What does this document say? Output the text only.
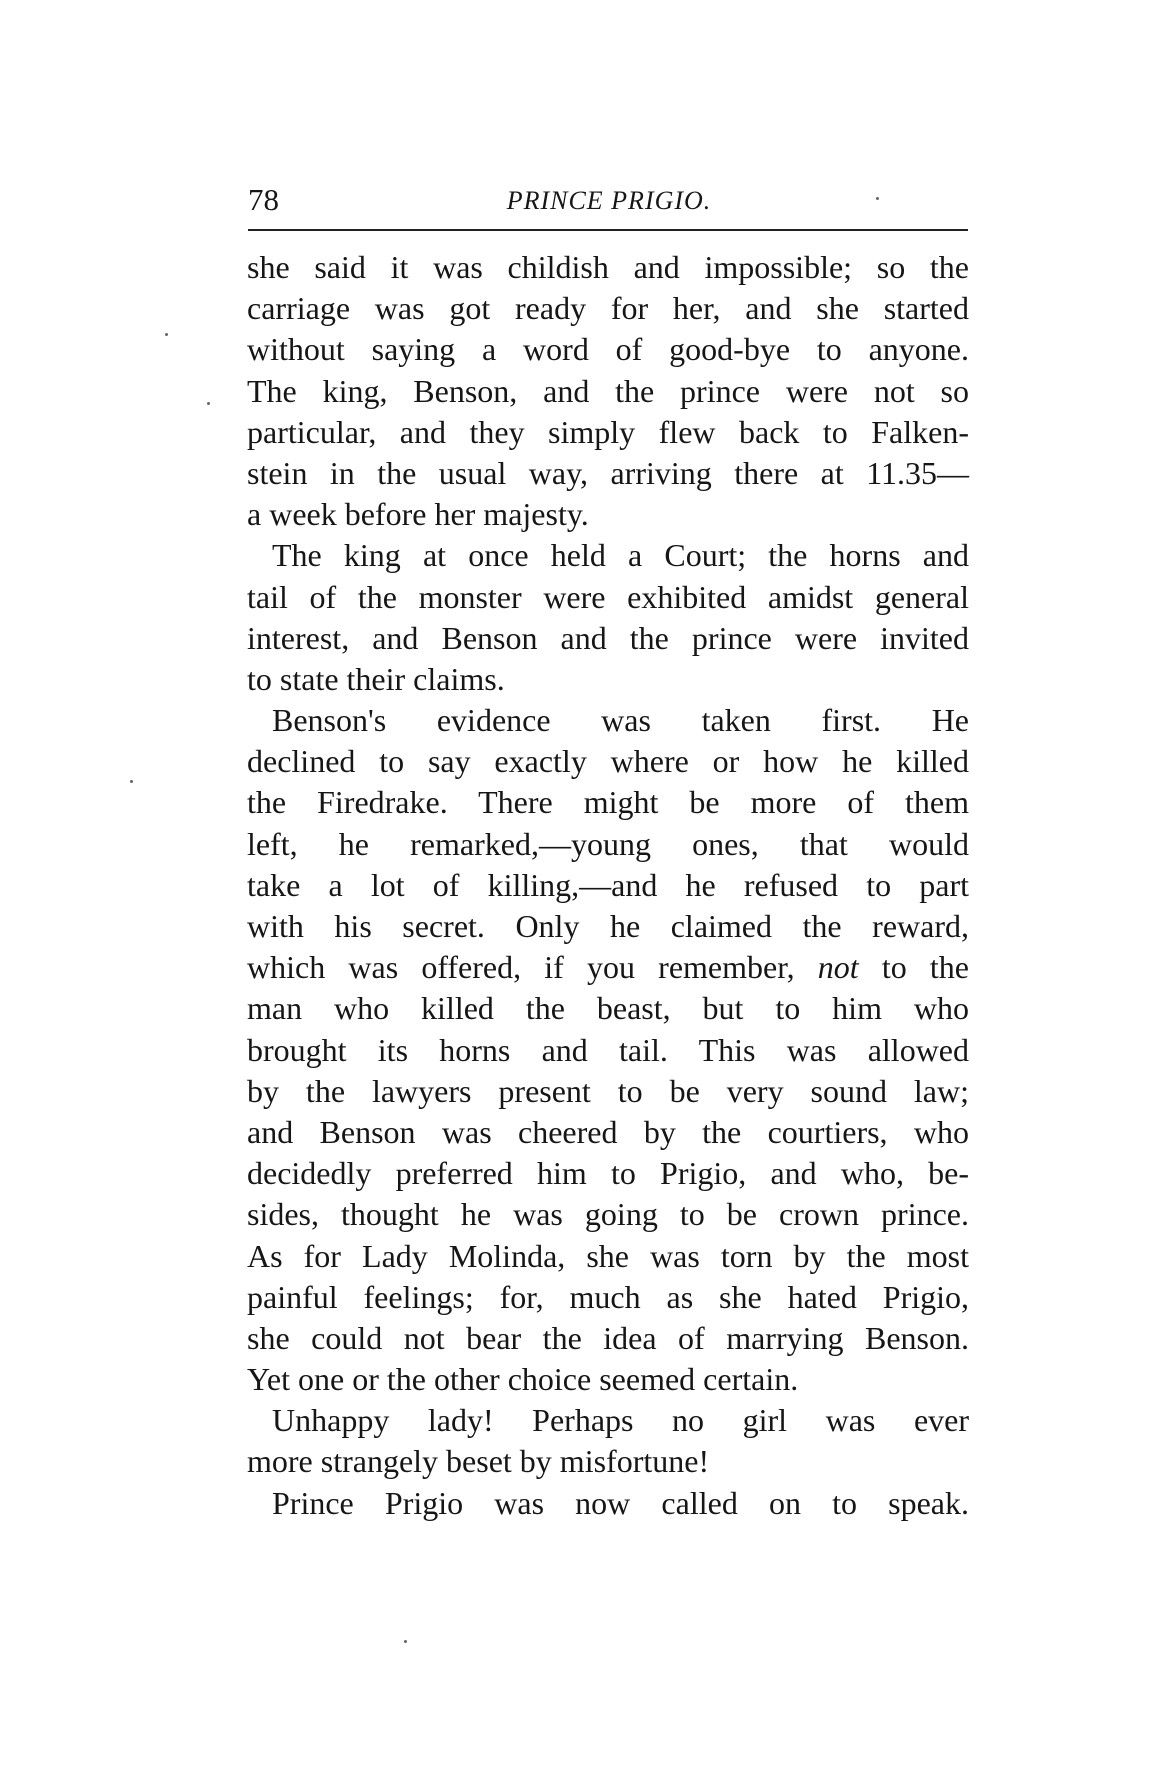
78	PRINCE PRIGIO.
she said it was childish and impossible; so the
carriage was got ready for her, and she started
without saying a word of good-bye to anyone.
The king, Benson, and the prince were not so
particular, and they simply flew back to Falken-
stein in the usual way, arriving there at 11.35—
a week before her majesty.
The king at once held a Court; the horns and
tail of the monster were exhibited amidst general
interest, and Benson and the prince were invited
to state their claims.
Benson's evidence was taken first. He
declined to say exactly where or how he killed
the Firedrake. There might be more of them
left, he remarked,—young ones, that would
take a lot of killing,—and he refused to part
with his secret. Only he claimed the reward,
which was offered, if you remember, not to the
man who killed the beast, but to him who
brought its horns and tail. This was allowed
by the lawyers present to be very sound law;
and Benson was cheered by the courtiers, who
decidedly preferred him to Prigio, and who, be-
sides, thought he was going to be crown prince.
As for Lady Molinda, she was torn by the most
painful feelings; for, much as she hated Prigio,
she could not bear the idea of marrying Benson.
Yet one or the other choice seemed certain.
Unhappy lady! Perhaps no girl was ever
more strangely beset by misfortune!
Prince Prigio was now called on to speak.
